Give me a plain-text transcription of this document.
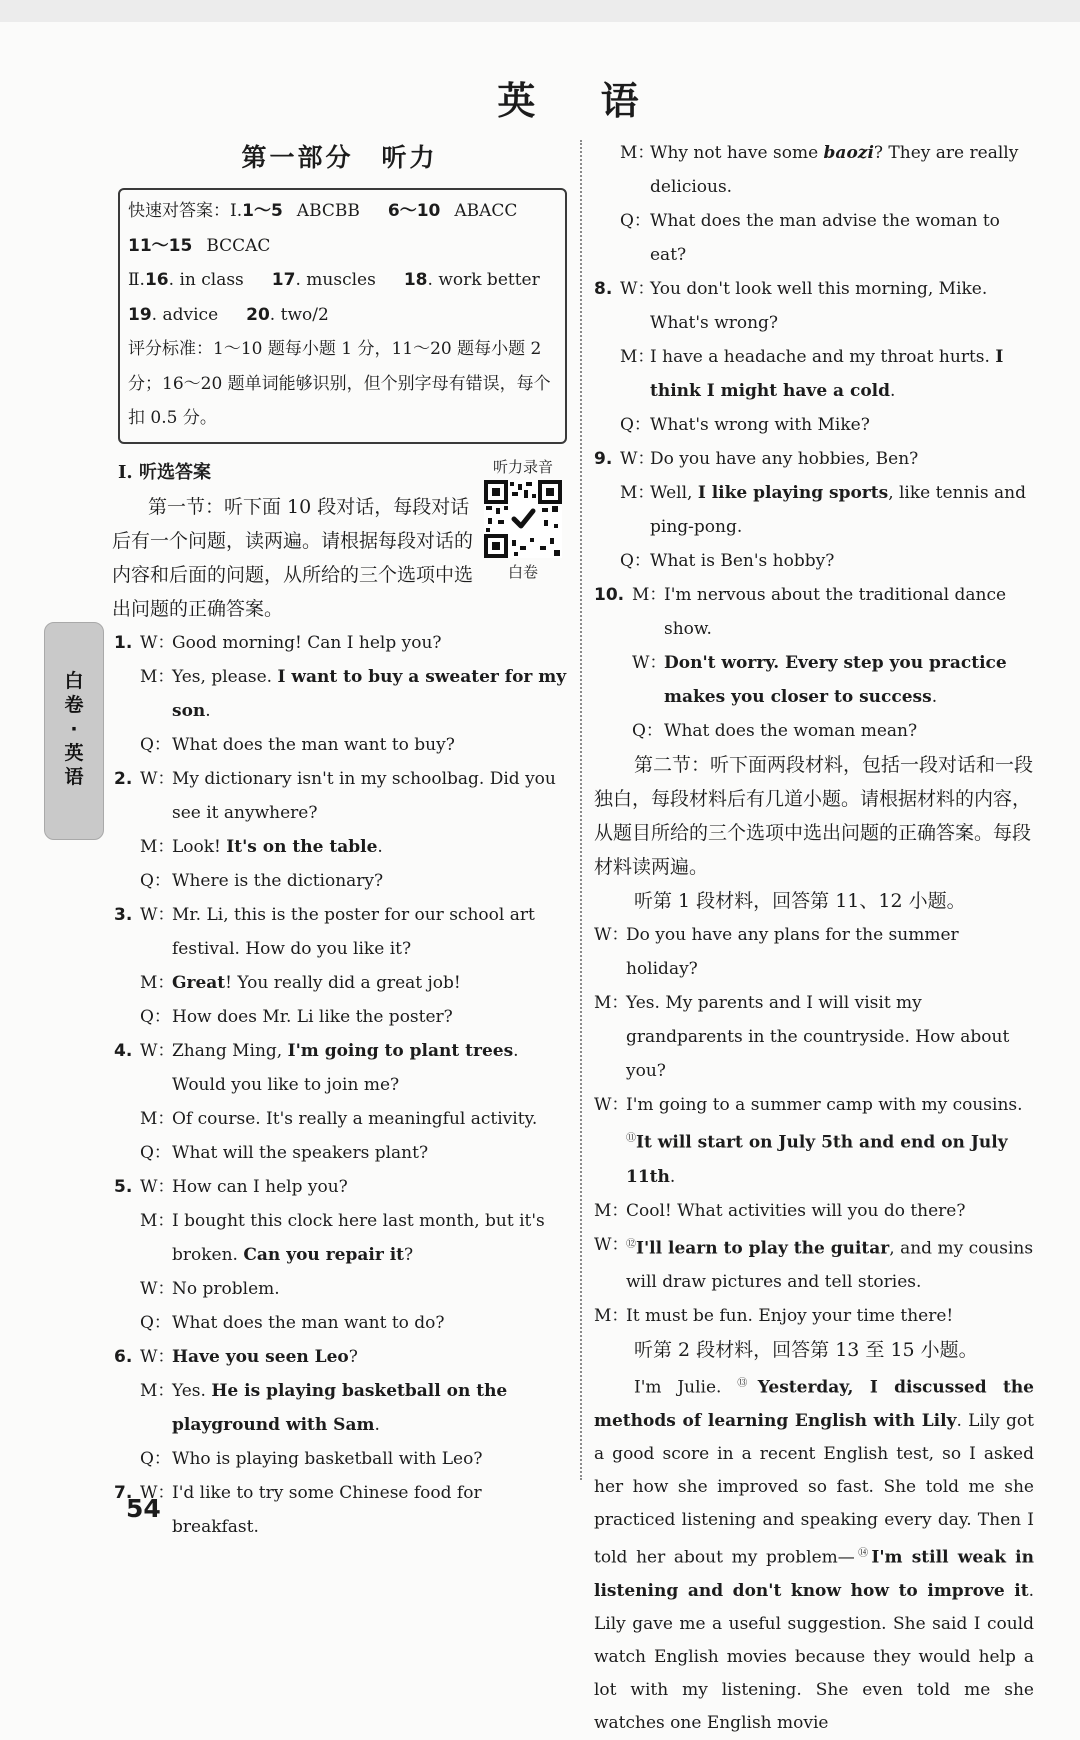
英 语
白
卷
·
英
语
第一部分　听力
快速对答案：Ⅰ.1～5 ABCBB 6～10 ABACC
11～15 BCCAC
Ⅱ.16. in class 17. muscles 18. work better
19. advice 20. two/2
评分标准：1～10 题每小题 1 分，11～20 题每小题 2 分；16～20 题单词能够识别，但个别字母有错误，每个扣 0.5 分。
Ⅰ. 听选答案	听力录音
白卷

第一节：听下面 10 段对话，每段对话后有一个问题，读两遍。请根据每段对话的内容和后面的问题，从所给的三个选项中选出问题的正确答案。

1. W：
Good morning! Can I help you?
M：
Yes, please. I want to buy a sweater for my son.
Q： What does the man want to buy?
2. W：
My dictionary isn't in my schoolbag. Did you see it anywhere?
M：
Look! It's on the table.
Q： Where is the dictionary?
3. W：
Mr. Li, this is the poster for our school art festival. How do you like it?
M：
Great! You really did a great job!
Q： How does Mr. Li like the poster?
4. W：
Zhang Ming, I'm going to plant trees. Would you like to join me?
M：
Of course. It's really a meaningful activity.
Q： What will the speakers plant?
5. W：
How can I help you?
M：
I bought this clock here last month, but it's broken. Can you repair it?
W：
No problem.
Q： What does the man want to do?
6. W：
Have you seen Leo?
M：
Yes. He is playing basketball on the playground with Sam.
Q： Who is playing basketball with Leo?
7. W：
I'd like to try some Chinese food for breakfast.
M：
Why not have some baozi? They are really delicious.
Q： What does the man advise the woman to eat?
8. W：
You don't look well this morning, Mike. What's wrong?
M：
I have a headache and my throat hurts. I think I might have a cold.
Q： What's wrong with Mike?
9. W：
Do you have any hobbies, Ben?
M：
Well, I like playing sports, like tennis and ping-pong.
Q： What is Ben's hobby?
10. M：
I'm nervous about the traditional dance show.
W：
Don't worry. Every step you practice makes you closer to success.
Q： What does the woman mean?

第二节：听下面两段材料，包括一段对话和一段独白，每段材料后有几道小题。请根据材料的内容，从题目所给的三个选项中选出问题的正确答案。每段材料读两遍。

听第 1 段材料，回答第 11、12 小题。

W：
Do you have any plans for the summer holiday?
M：
Yes. My parents and I will visit my grandparents in the countryside. How about you?
W：
I'm going to a summer camp with my cousins. ⑪It will start on July 5th and end on July 11th.
M：
Cool! What activities will you do there?
W：
⑫I'll learn to play the guitar, and my cousins will draw pictures and tell stories.
M：
It must be fun. Enjoy your time there!

听第 2 段材料，回答第 13 至 15 小题。

I'm Julie. ⑬Yesterday, I discussed the methods of learning English with Lily. Lily got a good score in a recent English test, so I asked her how she improved so fast. She told me she practiced listening and speaking every day. Then I told her about my problem—⑭I'm still weak in listening and don't know how to improve it. Lily gave me a useful suggestion. She said I could watch English movies because they would help a lot with my listening. She even told me she watches one English movie

54
